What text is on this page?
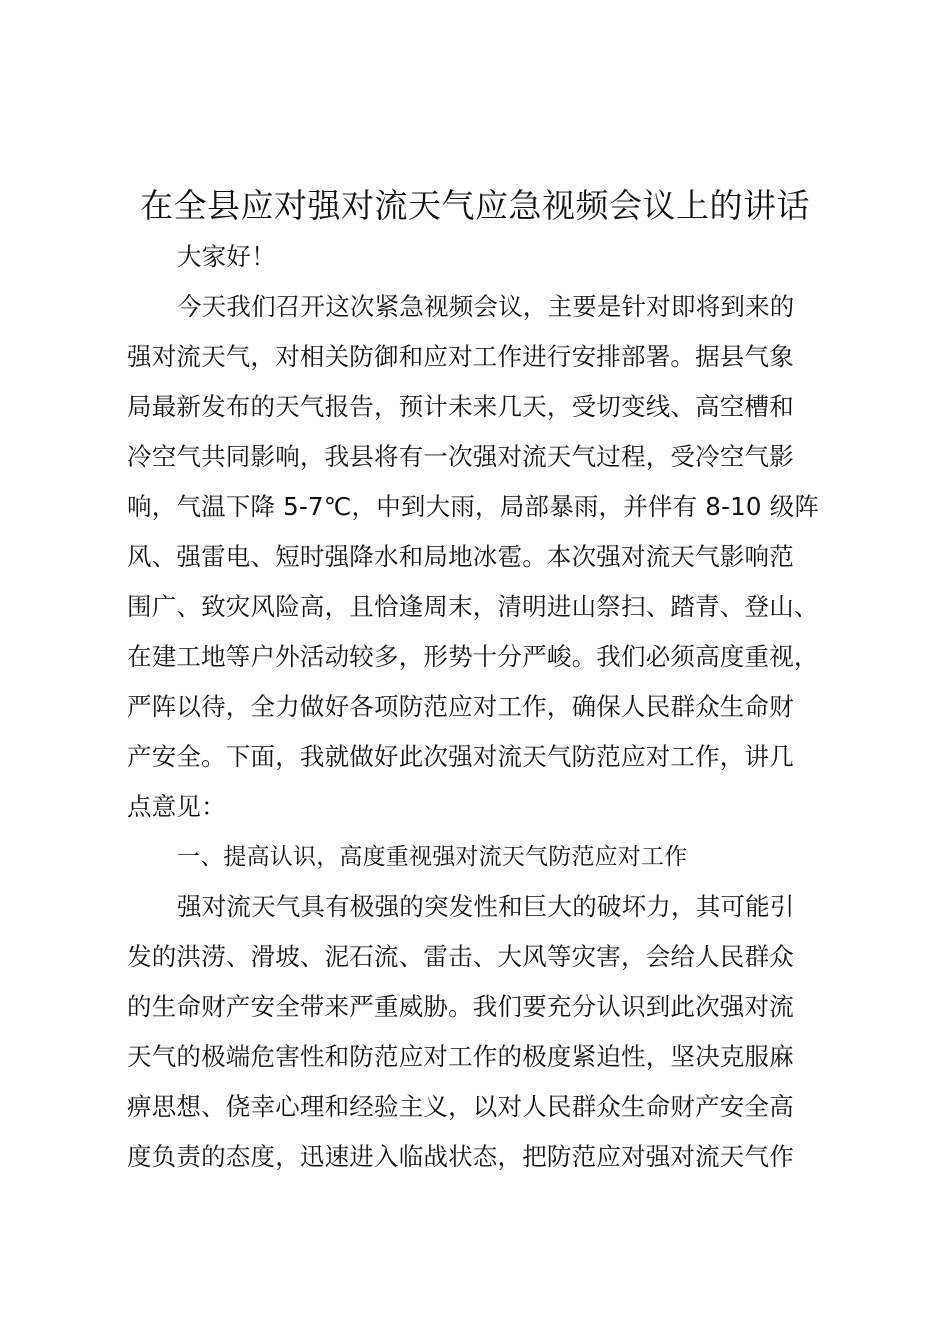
在全县应对强对流天气应急视频会议上的讲话
大家好！
今天我们召开这次紧急视频会议，主要是针对即将到来的
强对流天气，对相关防御和应对工作进行安排部署。据县气象
局最新发布的天气报告，预计未来几天，受切变线、高空槽和
冷空气共同影响，我县将有一次强对流天气过程，受冷空气影
响，气温下降 5-7℃，中到大雨，局部暴雨，并伴有 8-10 级阵
风、强雷电、短时强降水和局地冰雹。本次强对流天气影响范
围广、致灾风险高，且恰逢周末，清明进山祭扫、踏青、登山、
在建工地等户外活动较多，形势十分严峻。我们必须高度重视，
严阵以待，全力做好各项防范应对工作，确保人民群众生命财
产安全。下面，我就做好此次强对流天气防范应对工作，讲几
点意见：
一、提高认识，高度重视强对流天气防范应对工作
强对流天气具有极强的突发性和巨大的破坏力，其可能引
发的洪涝、滑坡、泥石流、雷击、大风等灾害，会给人民群众
的生命财产安全带来严重威胁。我们要充分认识到此次强对流
天气的极端危害性和防范应对工作的极度紧迫性，坚决克服麻
痹思想、侥幸心理和经验主义，以对人民群众生命财产安全高
度负责的态度，迅速进入临战状态，把防范应对强对流天气作
